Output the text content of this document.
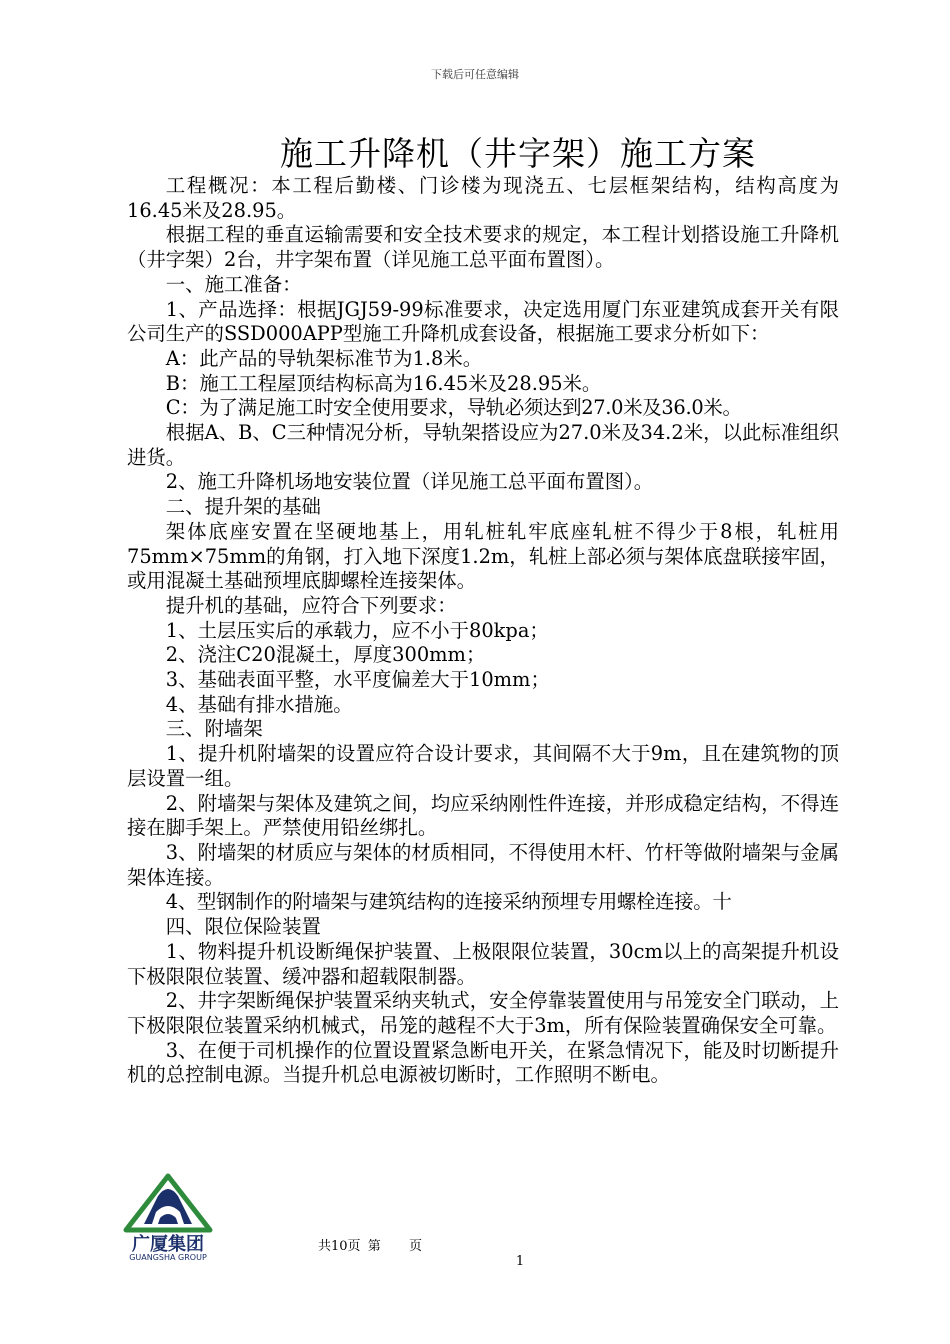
下载后可任意编辑
施工升降机（井字架）施工方案

工程概况：本工程后勤楼、门诊楼为现浇五、七层框架结构，结构高度为16.45米及28.95。

根据工程的垂直运输需要和安全技术要求的规定，本工程计划搭设施工升降机（井字架）2台，井字架布置（详见施工总平面布置图）。

一、施工准备：

1、产品选择：根据JGJ59-99标准要求，决定选用厦门东亚建筑成套开关有限公司生产的SSD000APP型施工升降机成套设备，根据施工要求分析如下：

A：此产品的导轨架标准节为1.8米。

B：施工工程屋顶结构标高为16.45米及28.95米。

C：为了满足施工时安全使用要求，导轨必须达到27.0米及36.0米。

根据A、B、C三种情况分析，导轨架搭设应为27.0米及34.2米，以此标准组织进货。

2、施工升降机场地安装位置（详见施工总平面布置图）。

二、提升架的基础

架体底座安置在坚硬地基上，用轧桩轧牢底座轧桩不得少于8根，轧桩用75mm×75mm的角钢，打入地下深度1.2m，轧桩上部必须与架体底盘联接牢固，或用混凝土基础预埋底脚螺栓连接架体。

提升机的基础，应符合下列要求：

1、土层压实后的承载力，应不小于80kpa；

2、浇注C20混凝土，厚度300mm；

3、基础表面平整，水平度偏差大于10mm；

4、基础有排水措施。

三、附墙架

1、提升机附墙架的设置应符合设计要求，其间隔不大于9m，且在建筑物的顶层设置一组。

2、附墙架与架体及建筑之间，均应采纳刚性件连接，并形成稳定结构，不得连接在脚手架上。严禁使用铅丝绑扎。

3、附墙架的材质应与架体的材质相同，不得使用木杆、竹杆等做附墙架与金属架体连接。

4、型钢制作的附墙架与建筑结构的连接采纳预埋专用螺栓连接。十

四、限位保险装置

1、物料提升机设断绳保护装置、上极限限位装置，30cm以上的高架提升机设下极限限位装置、缓冲器和超载限制器。

2、井字架断绳保护装置采纳夹轨式，安全停靠装置使用与吊笼安全门联动，上下极限限位装置采纳机械式，吊笼的越程不大于3m，所有保险装置确保安全可靠。

3、在便于司机操作的位置设置紧急断电开关，在紧急情况下，能及时切断提升机的总控制电源。当提升机总电源被切断时，工作照明不断电。

广厦集团
GUANGSHA GROUP
共10页 第 页
1
